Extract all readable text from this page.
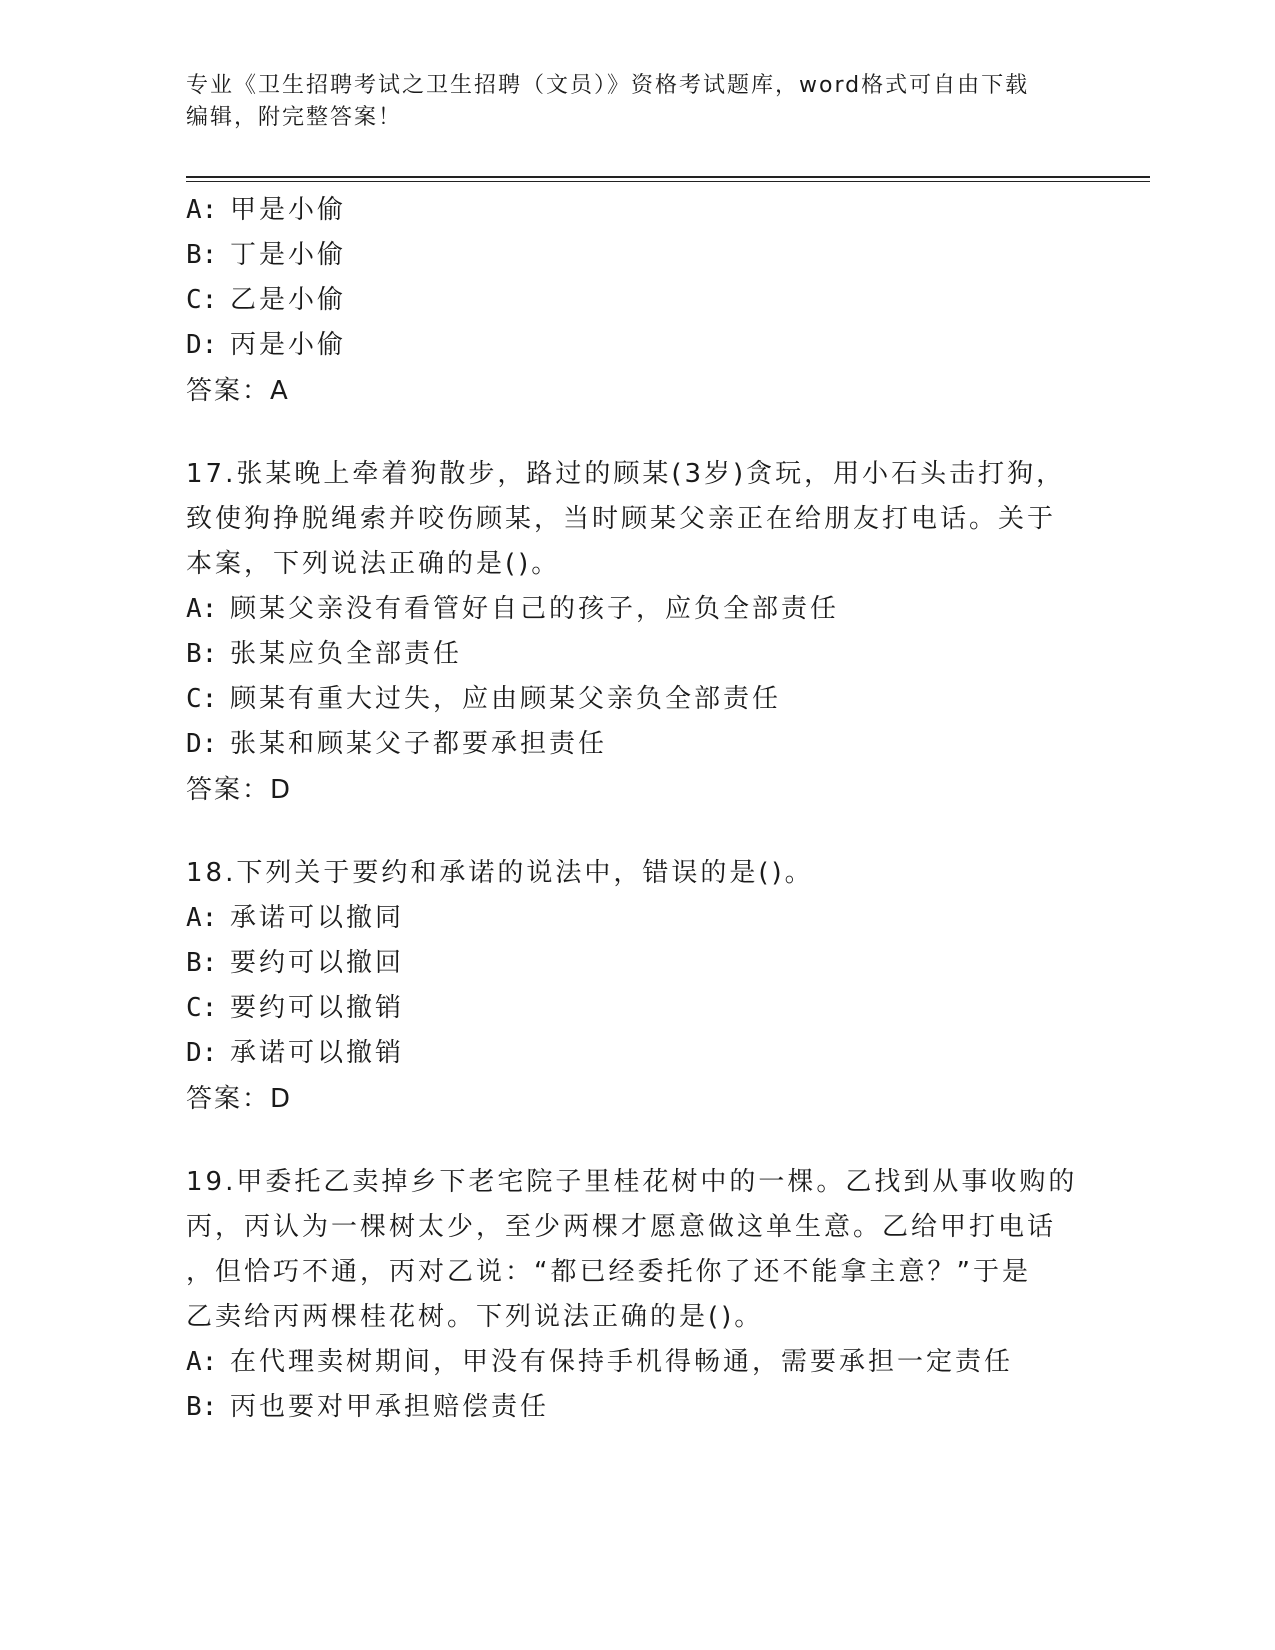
专业《卫生招聘考试之卫生招聘（文员）》资格考试题库，word格式可自由下载
编辑，附完整答案！
A: 甲是小偷
B: 丁是小偷
C: 乙是小偷
D: 丙是小偷
答案：A
17.张某晚上牵着狗散步，路过的顾某(3岁)贪玩，用小石头击打狗，
致使狗挣脱绳索并咬伤顾某，当时顾某父亲正在给朋友打电话。关于
本案，下列说法正确的是()。
A: 顾某父亲没有看管好自己的孩子，应负全部责任
B: 张某应负全部责任
C: 顾某有重大过失，应由顾某父亲负全部责任
D: 张某和顾某父子都要承担责任
答案：D
18.下列关于要约和承诺的说法中，错误的是()。
A: 承诺可以撤同
B: 要约可以撤回
C: 要约可以撤销
D: 承诺可以撤销
答案：D
19.甲委托乙卖掉乡下老宅院子里桂花树中的一棵。乙找到从事收购的
丙，丙认为一棵树太少，至少两棵才愿意做这单生意。乙给甲打电话
，但恰巧不通，丙对乙说：“都已经委托你了还不能拿主意？”于是
乙卖给丙两棵桂花树。下列说法正确的是()。
A: 在代理卖树期间，甲没有保持手机得畅通，需要承担一定责任
B: 丙也要对甲承担赔偿责任
